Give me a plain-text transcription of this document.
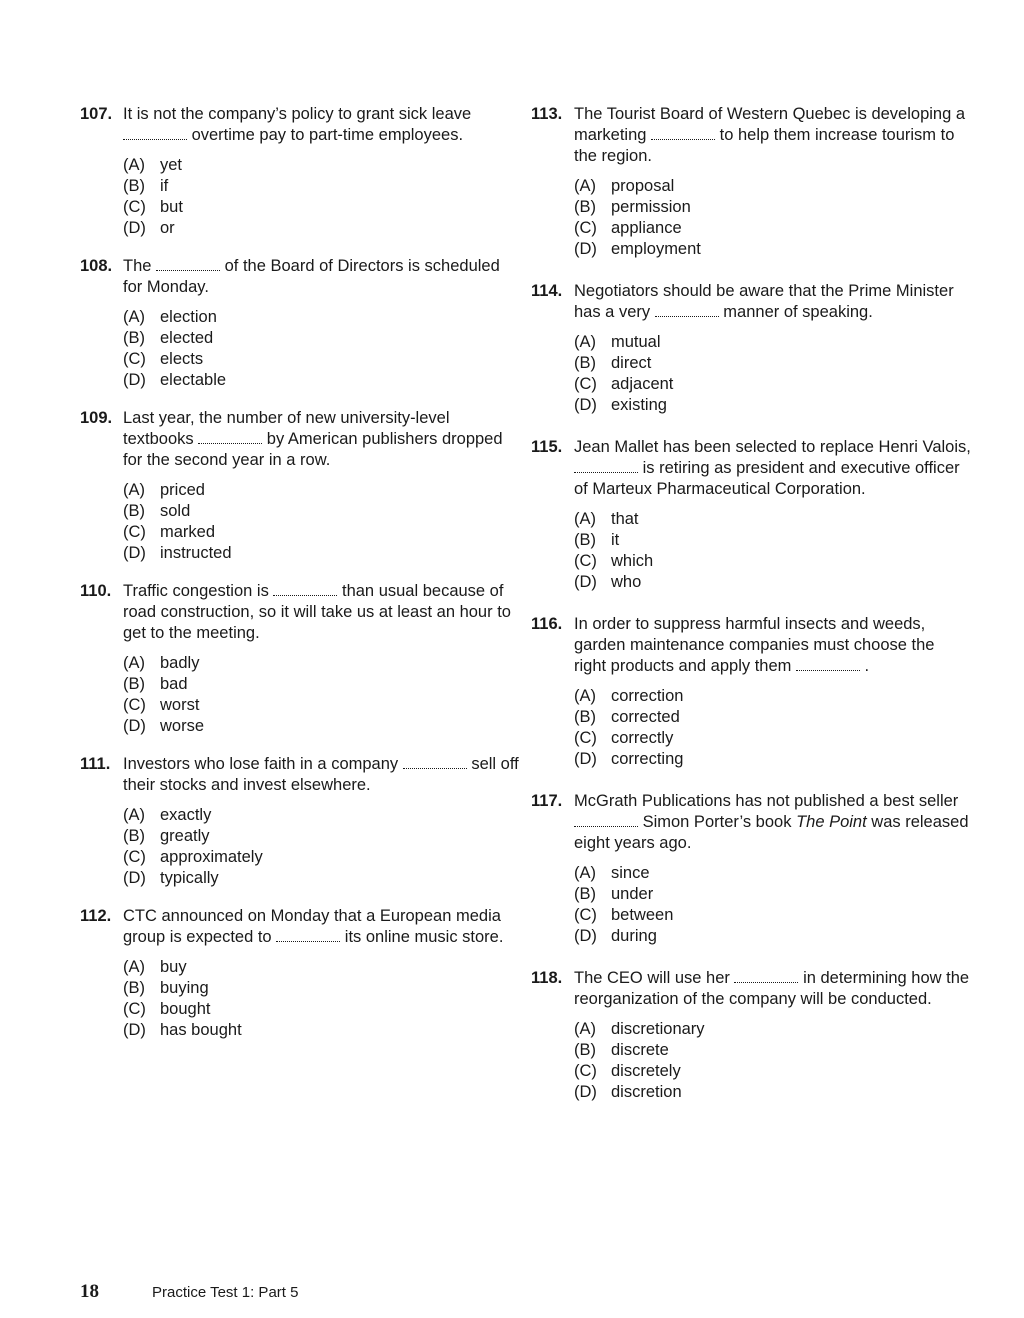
107. It is not the company’s policy to grant sick leave  overtime pay to part-time employees.

(A) yet
(B) if
(C) but
(D) or
108. The	of the Board of Directors is scheduled for Monday.

(A) election
(B) elected
(C) elects
(D) electable
109. Last year, the number of new university-level textbooks	by American publishers dropped for the second year in a row.

(A) priced
(B) sold
(C) marked
(D) instructed
110. Traffic congestion is	than usual because of road construction, so it will take us at least an hour to get to the meeting.

(A) badly
(B) bad
(C) worst
(D) worse
111. Investors who lose faith in a company	sell off their stocks and invest elsewhere.

(A) exactly
(B) greatly
(C) approximately
(D) typically
112. CTC announced on Monday that a European media group is expected to	its online music store.

(A) buy
(B) buying
(C) bought
(D) has bought
113. The Tourist Board of Western Quebec is developing a marketing	to help them increase tourism to the region.

(A) proposal
(B) permission
(C) appliance
(D) employment
114. Negotiators should be aware that the Prime Minister has a very	manner of speaking.

(A) mutual
(B) direct
(C) adjacent
(D) existing
115. Jean Mallet has been selected to replace Henri Valois,  is retiring as president and executive officer of Marteux Pharmaceutical Corporation.

(A) that
(B) it
(C) which
(D) who
116. In order to suppress harmful insects and weeds, garden maintenance companies must choose the right products and apply them	.

(A) correction
(B) corrected
(C) correctly
(D) correcting
117. McGrath Publications has not published a best seller  Simon Porter’s book The Point was released eight years ago.

(A) since
(B) under
(C) between
(D) during
118. The CEO will use her	in determining how the reorganization of the company will be conducted.

(A) discretionary
(B) discrete
(C) discretely
(D) discretion
18	Practice Test 1: Part 5
